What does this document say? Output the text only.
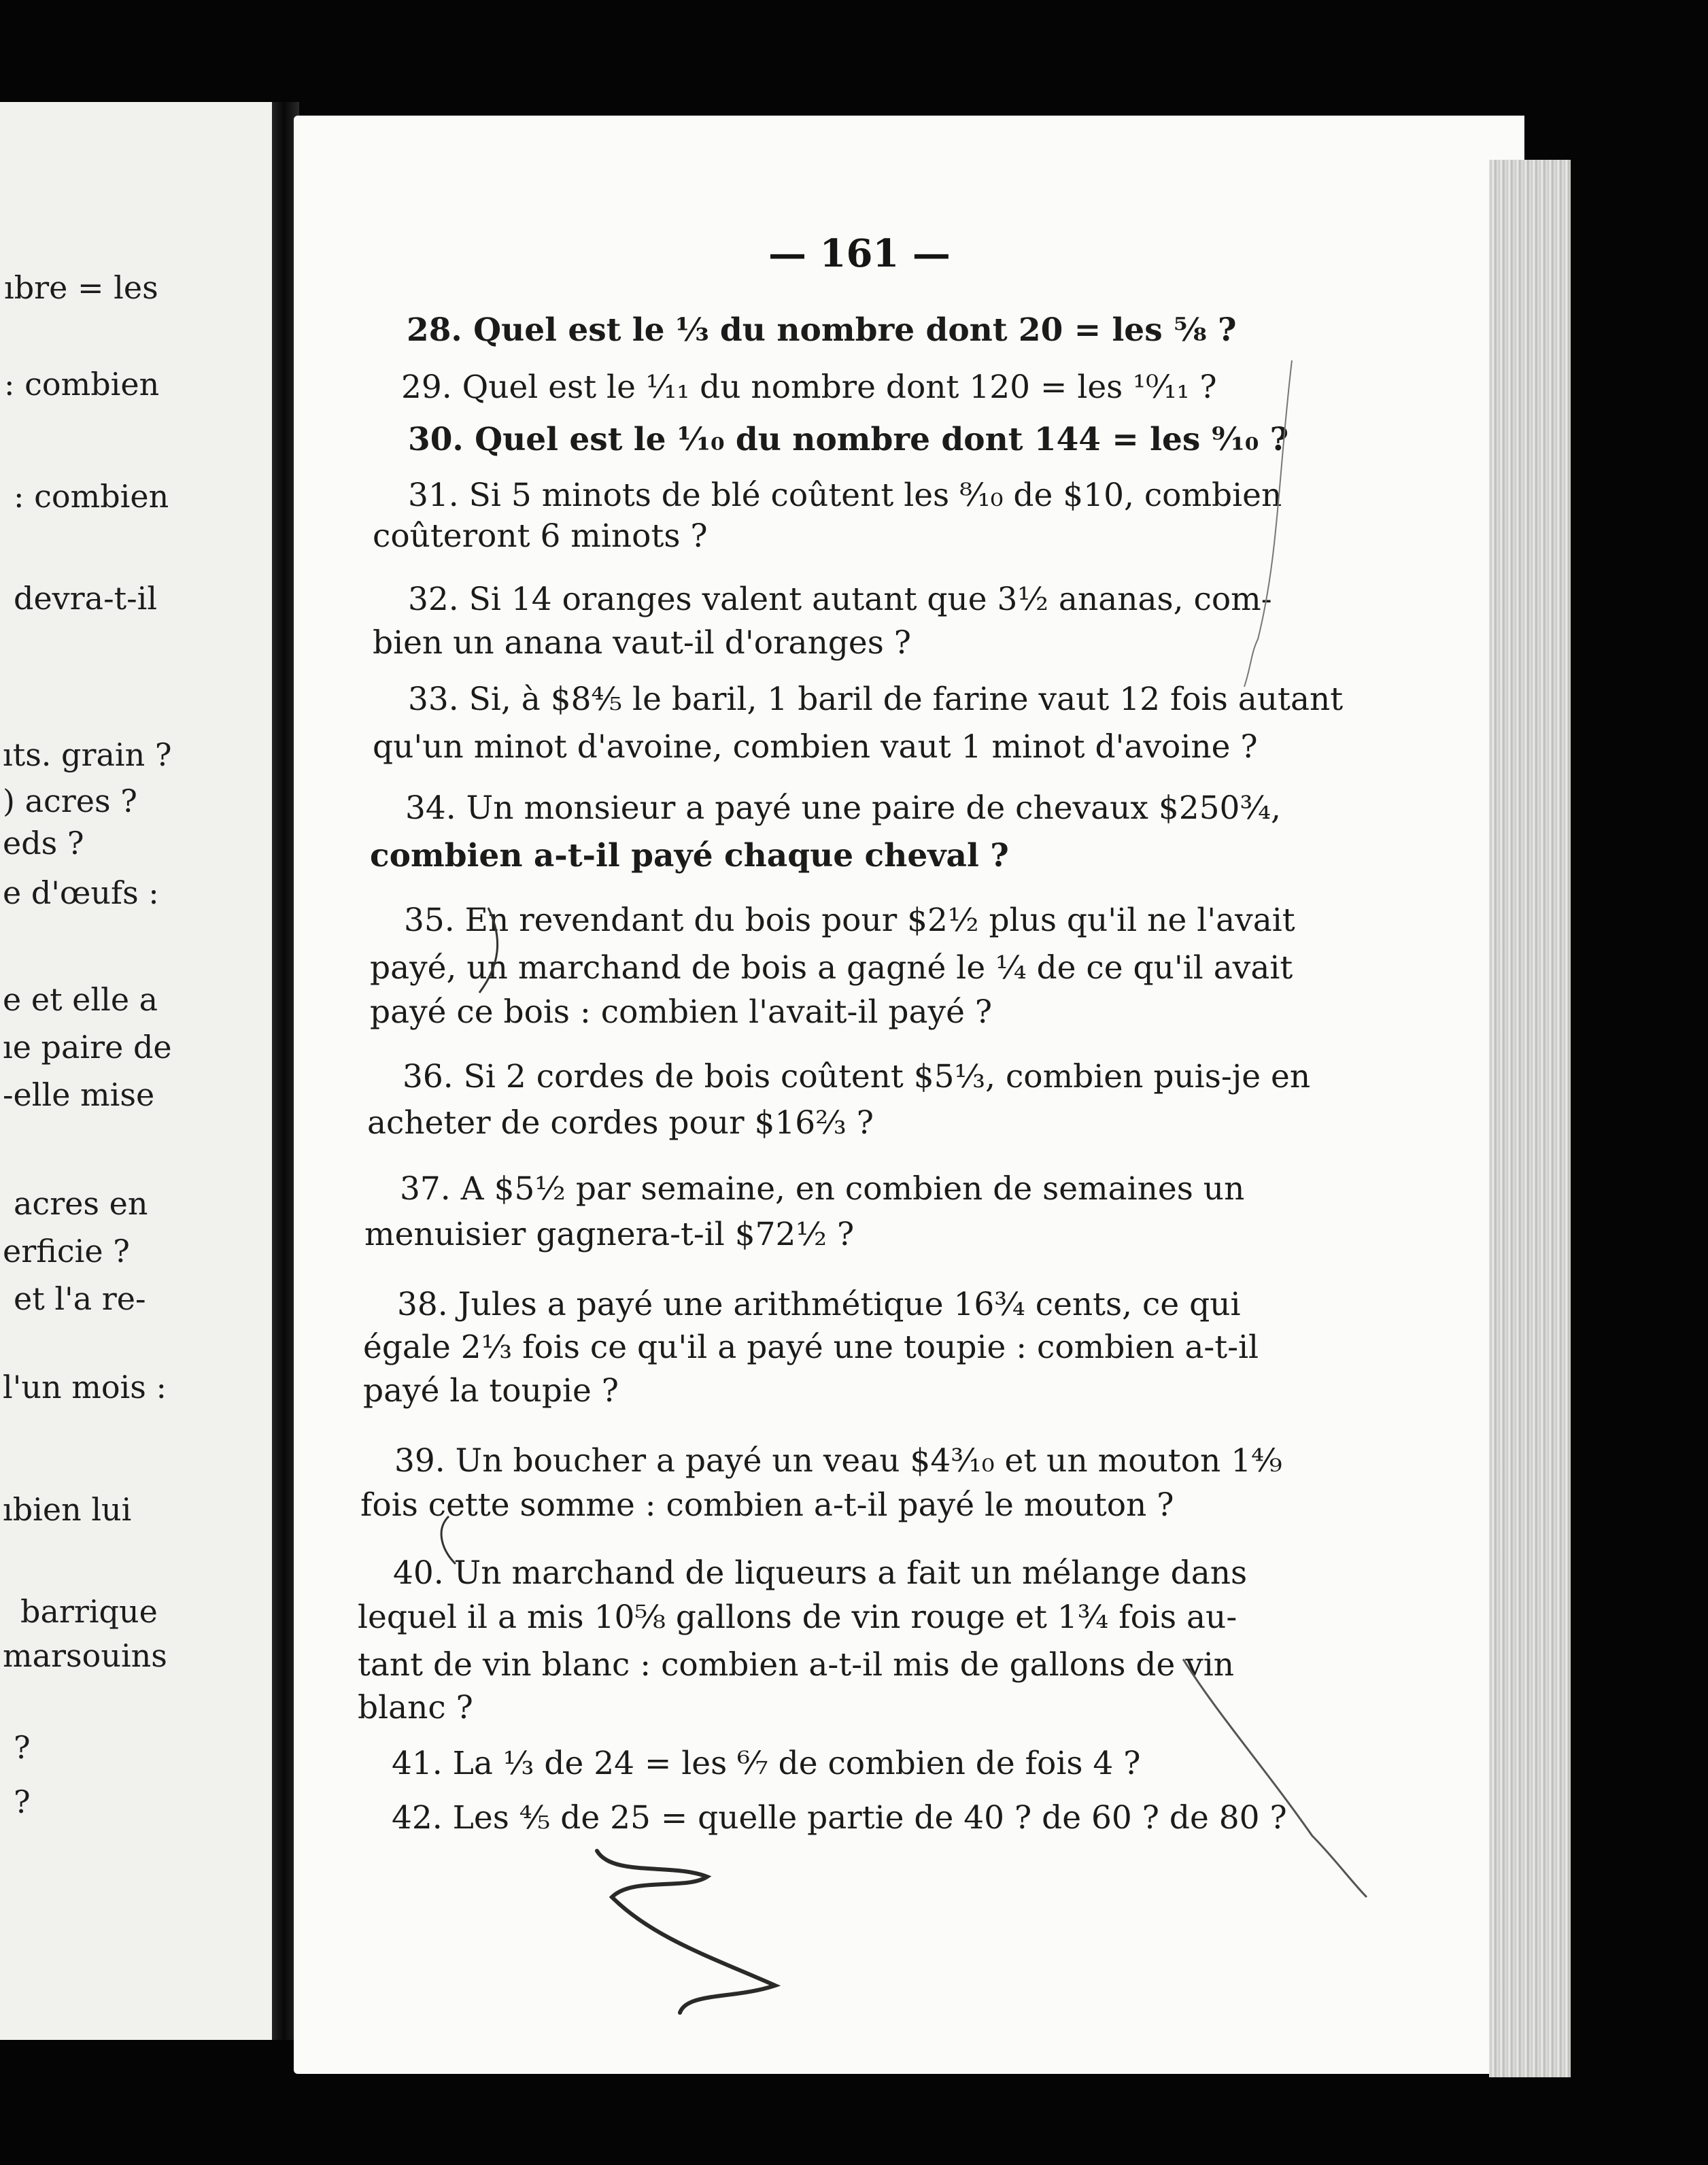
ıbre = les
: combien
: combien
devra-t-il
ıts. grain ?
) acres ?
eds ?
e d'œufs :
e et elle a
ıe paire de
-elle mise
acres en
erficie ?
et l'a re-
l'un mois :
ıbien lui
barrique
marsouins
?
?
— 161 —
28. Quel est le ⅓ du nombre dont 20 = les ⅝ ?
29. Quel est le ¹⁄₁₁ du nombre dont 120 = les ¹⁰⁄₁₁ ?
30. Quel est le ¹⁄₁₀ du nombre dont 144 = les ⁹⁄₁₀ ?
31. Si 5 minots de blé coûtent les ⁸⁄₁₀ de $10, combien
coûteront 6 minots ?
32. Si 14 oranges valent autant que 3½ ananas, com-
bien un anana vaut-il d'oranges ?
33. Si, à $8⅘ le baril, 1 baril de farine vaut 12 fois autant
qu'un minot d'avoine, combien vaut 1 minot d'avoine ?
34. Un monsieur a payé une paire de chevaux $250¾,
combien a-t-il payé chaque cheval ?
35. En revendant du bois pour $2½ plus qu'il ne l'avait
payé, un marchand de bois a gagné le ¼ de ce qu'il avait
payé ce bois : combien l'avait-il payé ?
36. Si 2 cordes de bois coûtent $5⅓, combien puis-je en
acheter de cordes pour $16⅔ ?
37. A $5½ par semaine, en combien de semaines un
menuisier gagnera-t-il $72½ ?
38. Jules a payé une arithmétique 16¾ cents, ce qui
égale 2⅓ fois ce qu'il a payé une toupie : combien a-t-il
payé la toupie ?
39. Un boucher a payé un veau $4³⁄₁₀ et un mouton 1⁴⁄₉
fois cette somme : combien a-t-il payé le mouton ?
40. Un marchand de liqueurs a fait un mélange dans
lequel il a mis 10⅝ gallons de vin rouge et 1¾ fois au-
tant de vin blanc : combien a-t-il mis de gallons de vin
blanc ?
41. La ⅓ de 24 = les ⁶⁄₇ de combien de fois 4 ?
42. Les ⅘ de 25 = quelle partie de 40 ? de 60 ? de 80 ?
